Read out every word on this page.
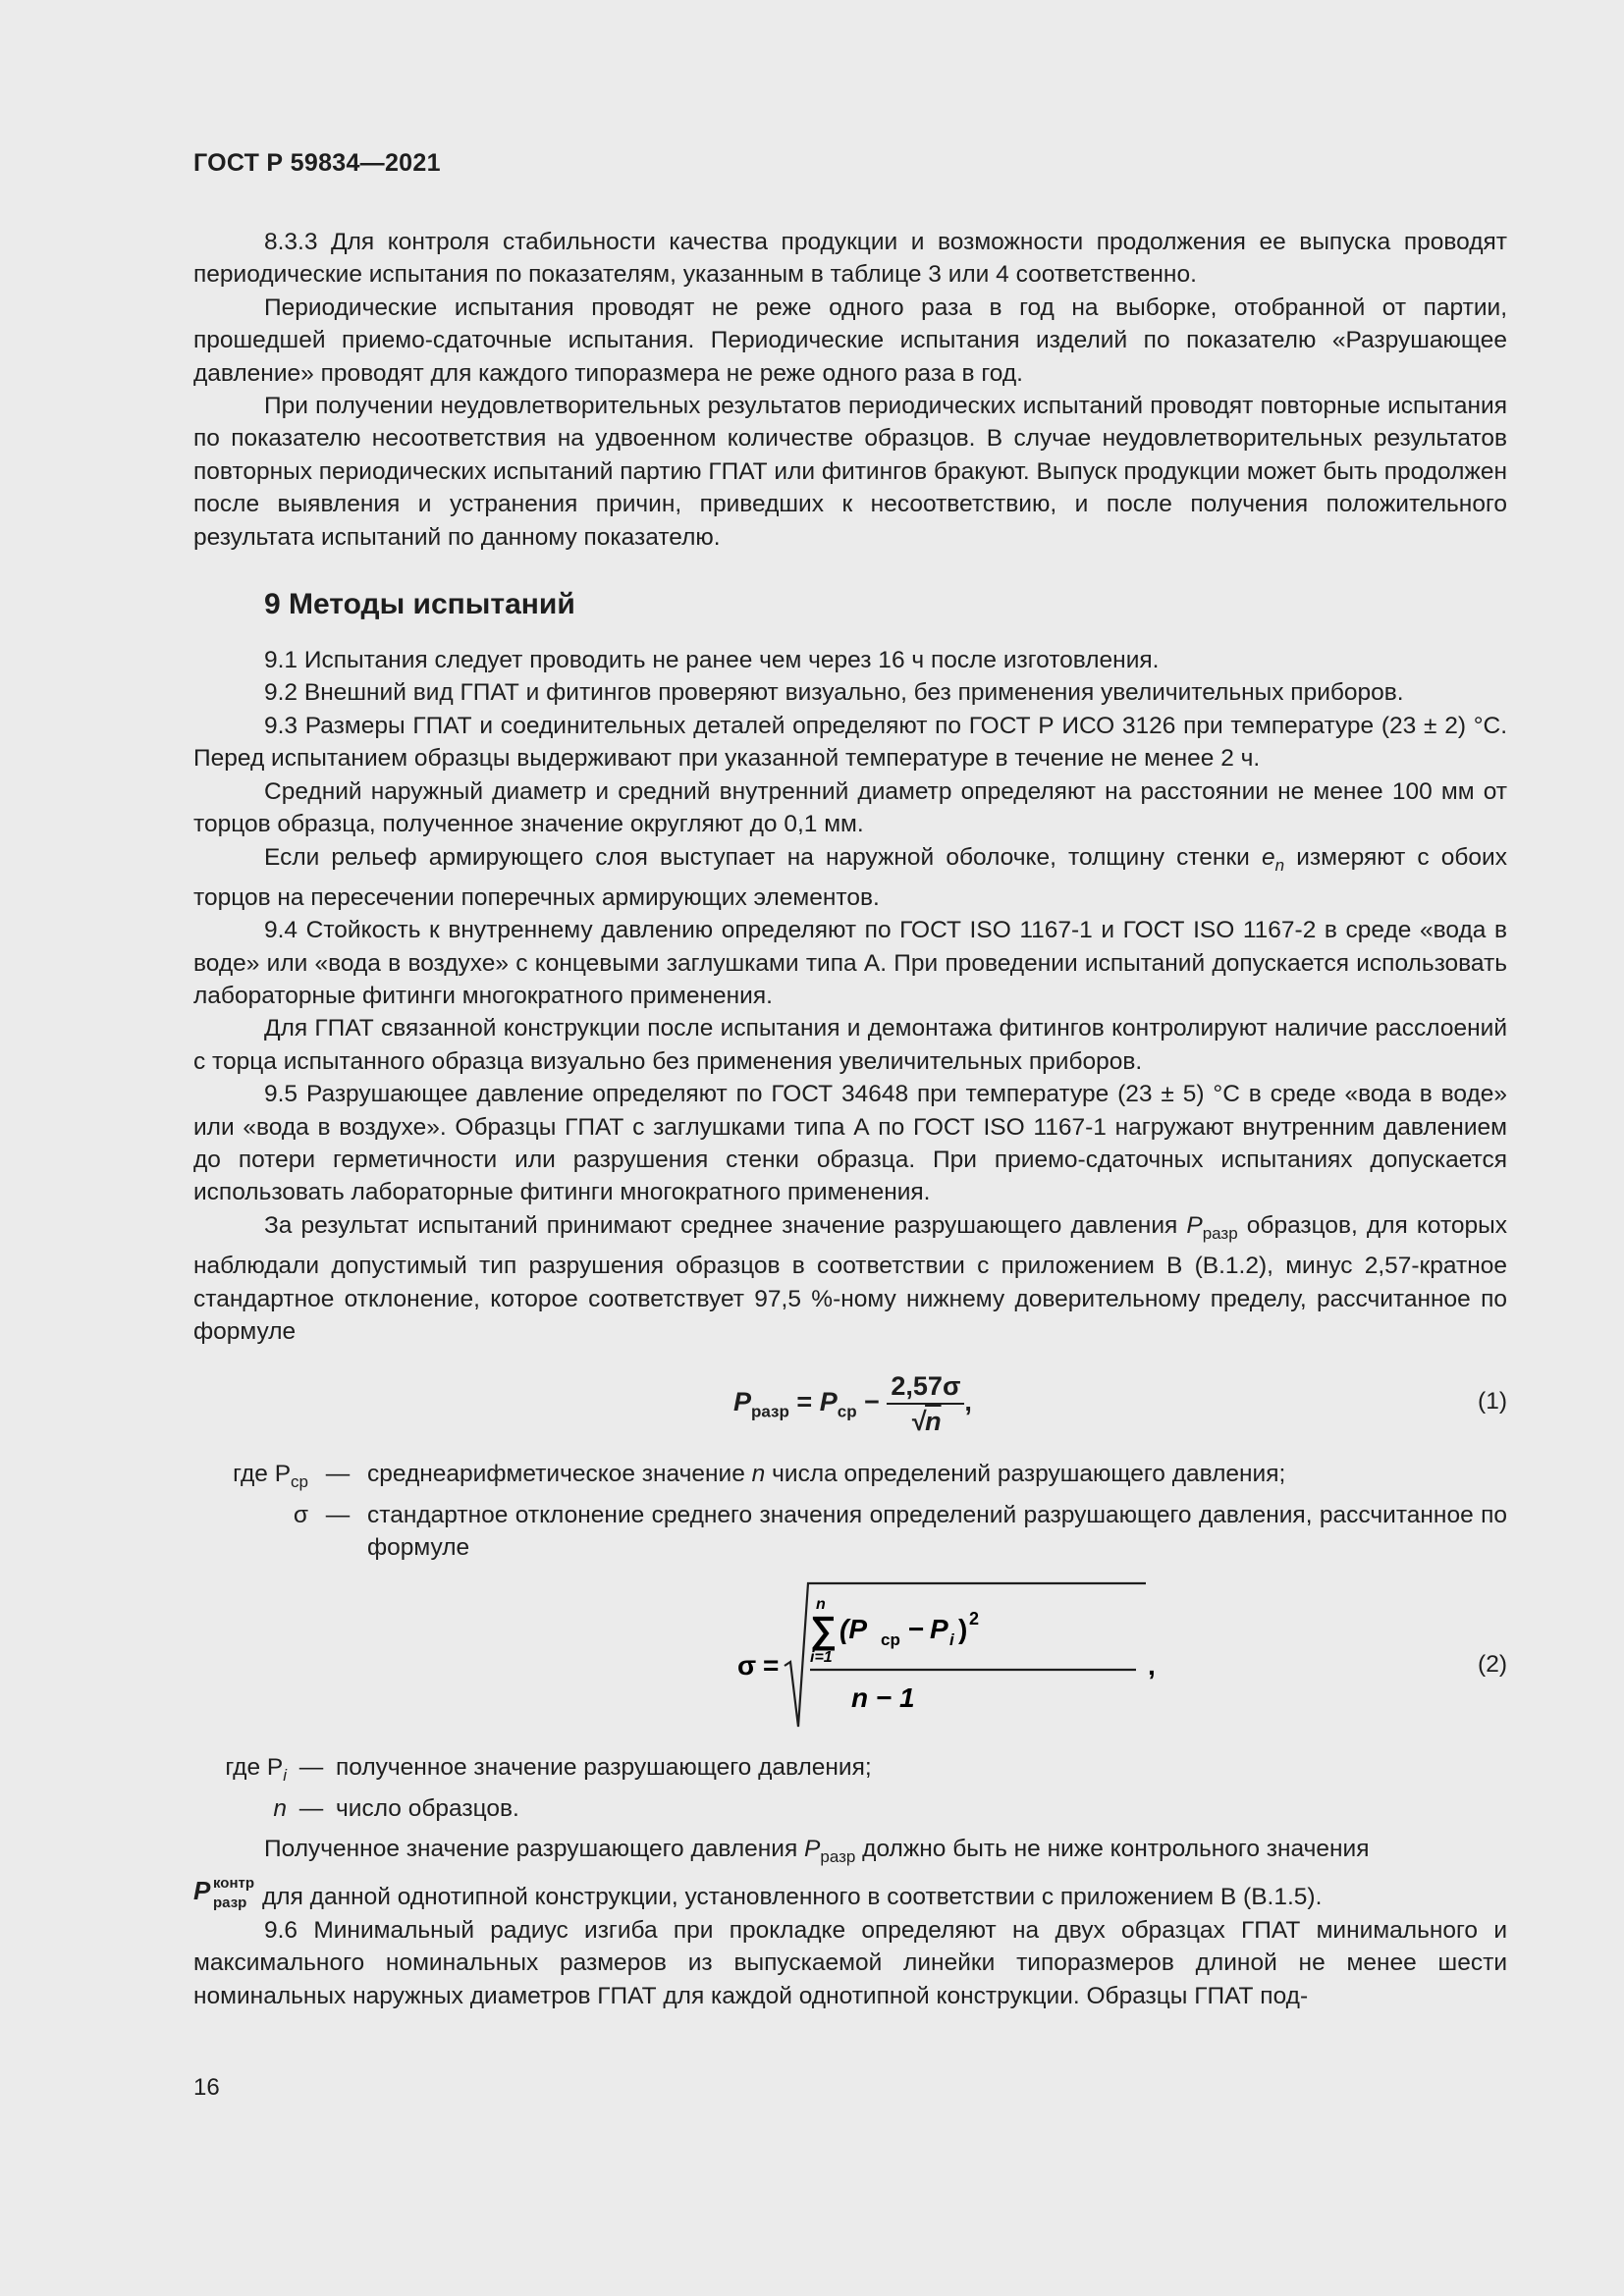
ГОСТ Р 59834—2021

8.3.3 Для контроля стабильности качества продукции и возможности продолжения ее выпуска проводят периодические испытания по показателям, указанным в таблице 3 или 4 соответственно.

Периодические испытания проводят не реже одного раза в год на выборке, отобранной от партии, прошедшей приемо-сдаточные испытания. Периодические испытания изделий по показателю «Разрушающее давление» проводят для каждого типоразмера не реже одного раза в год.

При получении неудовлетворительных результатов периодических испытаний проводят повторные испытания по показателю несоответствия на удвоенном количестве образцов. В случае неудовлетворительных результатов повторных периодических испытаний партию ГПАТ или фитингов бракуют. Выпуск продукции может быть продолжен после выявления и устранения причин, приведших к несоответствию, и после получения положительного результата испытаний по данному показателю.

9 Методы испытаний

9.1 Испытания следует проводить не ранее чем через 16 ч после изготовления.

9.2 Внешний вид ГПАТ и фитингов проверяют визуально, без применения увеличительных приборов.

9.3 Размеры ГПАТ и соединительных деталей определяют по ГОСТ Р ИСО 3126 при температуре (23 ± 2) °С. Перед испытанием образцы выдерживают при указанной температуре в течение не менее 2 ч.

Средний наружный диаметр и средний внутренний диаметр определяют на расстоянии не менее 100 мм от торцов образца, полученное значение округляют до 0,1 мм.

Если рельеф армирующего слоя выступает на наружной оболочке, толщину стенки $e_n$ измеряют с обоих торцов на пересечении поперечных армирующих элементов.

9.4 Стойкость к внутреннему давлению определяют по ГОСТ ISO 1167-1 и ГОСТ ISO 1167-2 в среде «вода в воде» или «вода в воздухе» с концевыми заглушками типа А. При проведении испытаний допускается использовать лабораторные фитинги многократного применения.

Для ГПАТ связанной конструкции после испытания и демонтажа фитингов контролируют наличие расслоений с торца испытанного образца визуально без применения увеличительных приборов.

9.5 Разрушающее давление определяют по ГОСТ 34648 при температуре (23 ± 5) °С в среде «вода в воде» или «вода в воздухе». Образцы ГПАТ с заглушками типа А по ГОСТ ISO 1167-1 нагружают внутренним давлением до потери герметичности или разрушения стенки образца. При приемо-сдаточных испытаниях допускается использовать лабораторные фитинги многократного применения.

За результат испытаний принимают среднее значение разрушающего давления $P_{разр}$ образцов, для которых наблюдали допустимый тип разрушения образцов в соответствии с приложением В (В.1.2), минус 2,57-кратное стандартное отклонение, которое соответствует 97,5 %-ному нижнему доверительному пределу, рассчитанное по формуле

$P_{разр} = P_{ср} - \frac{2,57\sigma}{√n}$ ,	(1)
где $P_{ср}$ — среднеарифметическое значение n числа определений разрушающего давления;
σ — стандартное отклонение среднего значения определений разрушающего давления, рассчитанное по формуле
σ =
n
∑
i=1
(P ср − P i ) 2
n − 1
,	(2)
где $P_i$ — полученное значение разрушающего давления;
n — число образцов.

Полученное значение разрушающего давления $P_{разр}$ должно быть не ниже контрольного значения

P контр
разр для данной однотипной конструкции, установленного в соответствии с приложением В (В.1.5).

9.6 Минимальный радиус изгиба при прокладке определяют на двух образцах ГПАТ минимального и максимального номинальных размеров из выпускаемой линейки типоразмеров длиной не менее шести номинальных наружных диаметров ГПАТ для каждой однотипной конструкции. Образцы ГПАТ под-

16
